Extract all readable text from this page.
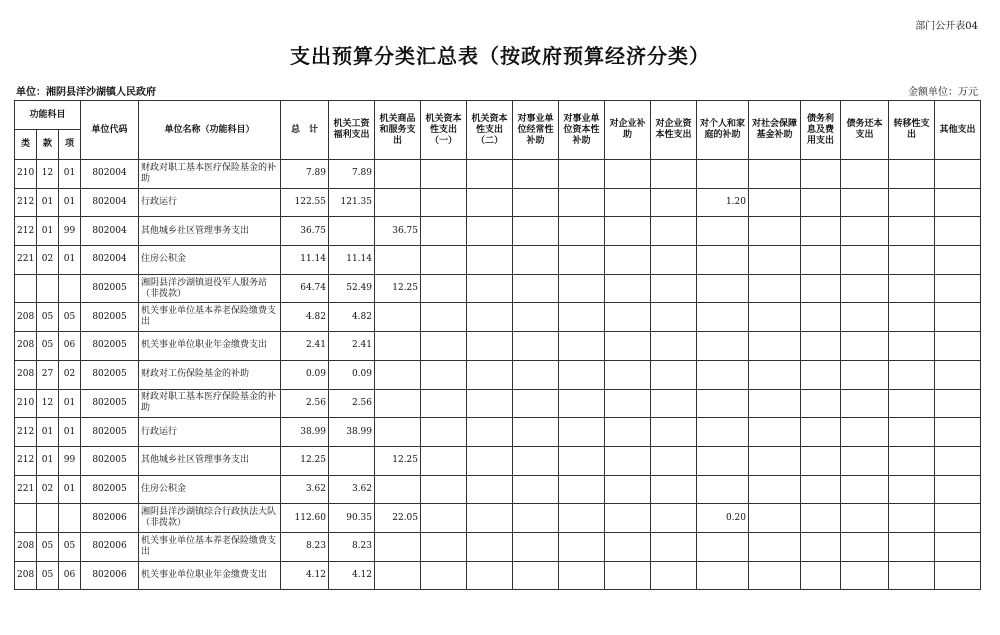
部门公开表04
支出预算分类汇总表（按政府预算经济分类）
单位：湘阴县洋沙湖镇人民政府	金额单位：万元
功能科目			单位代码	单位名称（功能科目）	总　计	机关工资福利支出	机关商品和服务支出	机关资本性支出（一）	机关资本性支出（二）	对事业单位经常性补助	对事业单位资本性补助	对企业补助	对企业资本性支出	对个人和家庭的补助	对社会保障基金补助	债务利息及费用支出	债务还本支出	转移性支出	其他支出
类	款	项																	
210	12	01	802004	财政对职工基本医疗保险基金的补助	7.89	7.89													
212	01	01	802004	行政运行	122.55	121.35								1.20					
212	01	99	802004	其他城乡社区管理事务支出	36.75		36.75												
221	02	01	802004	住房公积金	11.14	11.14													
			802005	湘阴县洋沙湖镇退役军人服务站（非拨款）	64.74	52.49	12.25												
208	05	05	802005	机关事业单位基本养老保险缴费支出	4.82	4.82													
208	05	06	802005	机关事业单位职业年金缴费支出	2.41	2.41													
208	27	02	802005	财政对工伤保险基金的补助	0.09	0.09													
210	12	01	802005	财政对职工基本医疗保险基金的补助	2.56	2.56													
212	01	01	802005	行政运行	38.99	38.99													
212	01	99	802005	其他城乡社区管理事务支出	12.25		12.25												
221	02	01	802005	住房公积金	3.62	3.62													
			802006	湘阴县洋沙湖镇综合行政执法大队（非拨款）	112.60	90.35	22.05							0.20					
208	05	05	802006	机关事业单位基本养老保险缴费支出	8.23	8.23													
208	05	06	802006	机关事业单位职业年金缴费支出	4.12	4.12													
